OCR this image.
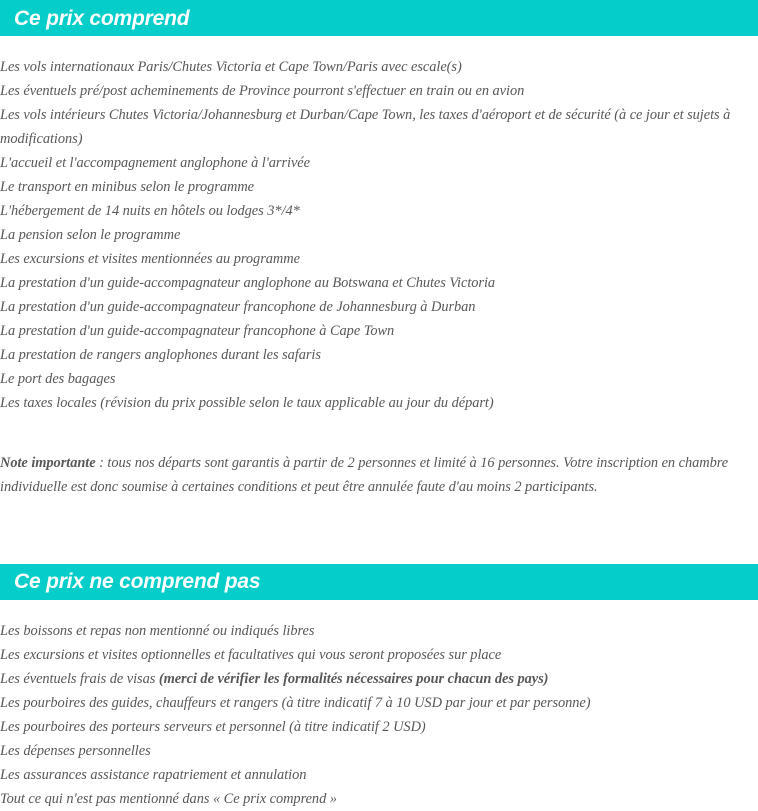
Ce prix comprend
Les vols internationaux Paris/Chutes Victoria et Cape Town/Paris avec escale(s)
Les éventuels pré/post acheminements de Province pourront s'effectuer en train ou en avion
Les vols intérieurs Chutes Victoria/Johannesburg et Durban/Cape Town, les taxes d'aéroport et de sécurité (à ce jour et sujets à modifications)
L'accueil et l'accompagnement anglophone à l'arrivée
Le transport en minibus selon le programme
L'hébergement de 14 nuits en hôtels ou lodges 3*/4*
La pension selon le programme
Les excursions et visites mentionnées au programme
La prestation d'un guide-accompagnateur anglophone au Botswana et Chutes Victoria
La prestation d'un guide-accompagnateur francophone de Johannesburg à Durban
La prestation d'un guide-accompagnateur francophone à Cape Town
La prestation de rangers anglophones durant les safaris
Le port des bagages
Les taxes locales (révision du prix possible selon le taux applicable au jour du départ)

Note importante : tous nos départs sont garantis à partir de 2 personnes et limité à 16 personnes. Votre inscription en chambre individuelle est donc soumise à certaines conditions et peut être annulée faute d'au moins 2 participants.

Ce prix ne comprend pas
Les boissons et repas non mentionné ou indiqués libres
Les excursions et visites optionnelles et facultatives qui vous seront proposées sur place
Les éventuels frais de visas (merci de vérifier les formalités nécessaires pour chacun des pays)
Les pourboires des guides, chauffeurs et rangers (à titre indicatif 7 à 10 USD par jour et par personne)
Les pourboires des porteurs serveurs et personnel (à titre indicatif 2 USD)
Les dépenses personnelles
Les assurances assistance rapatriement et annulation
Tout ce qui n'est pas mentionné dans « Ce prix comprend »
